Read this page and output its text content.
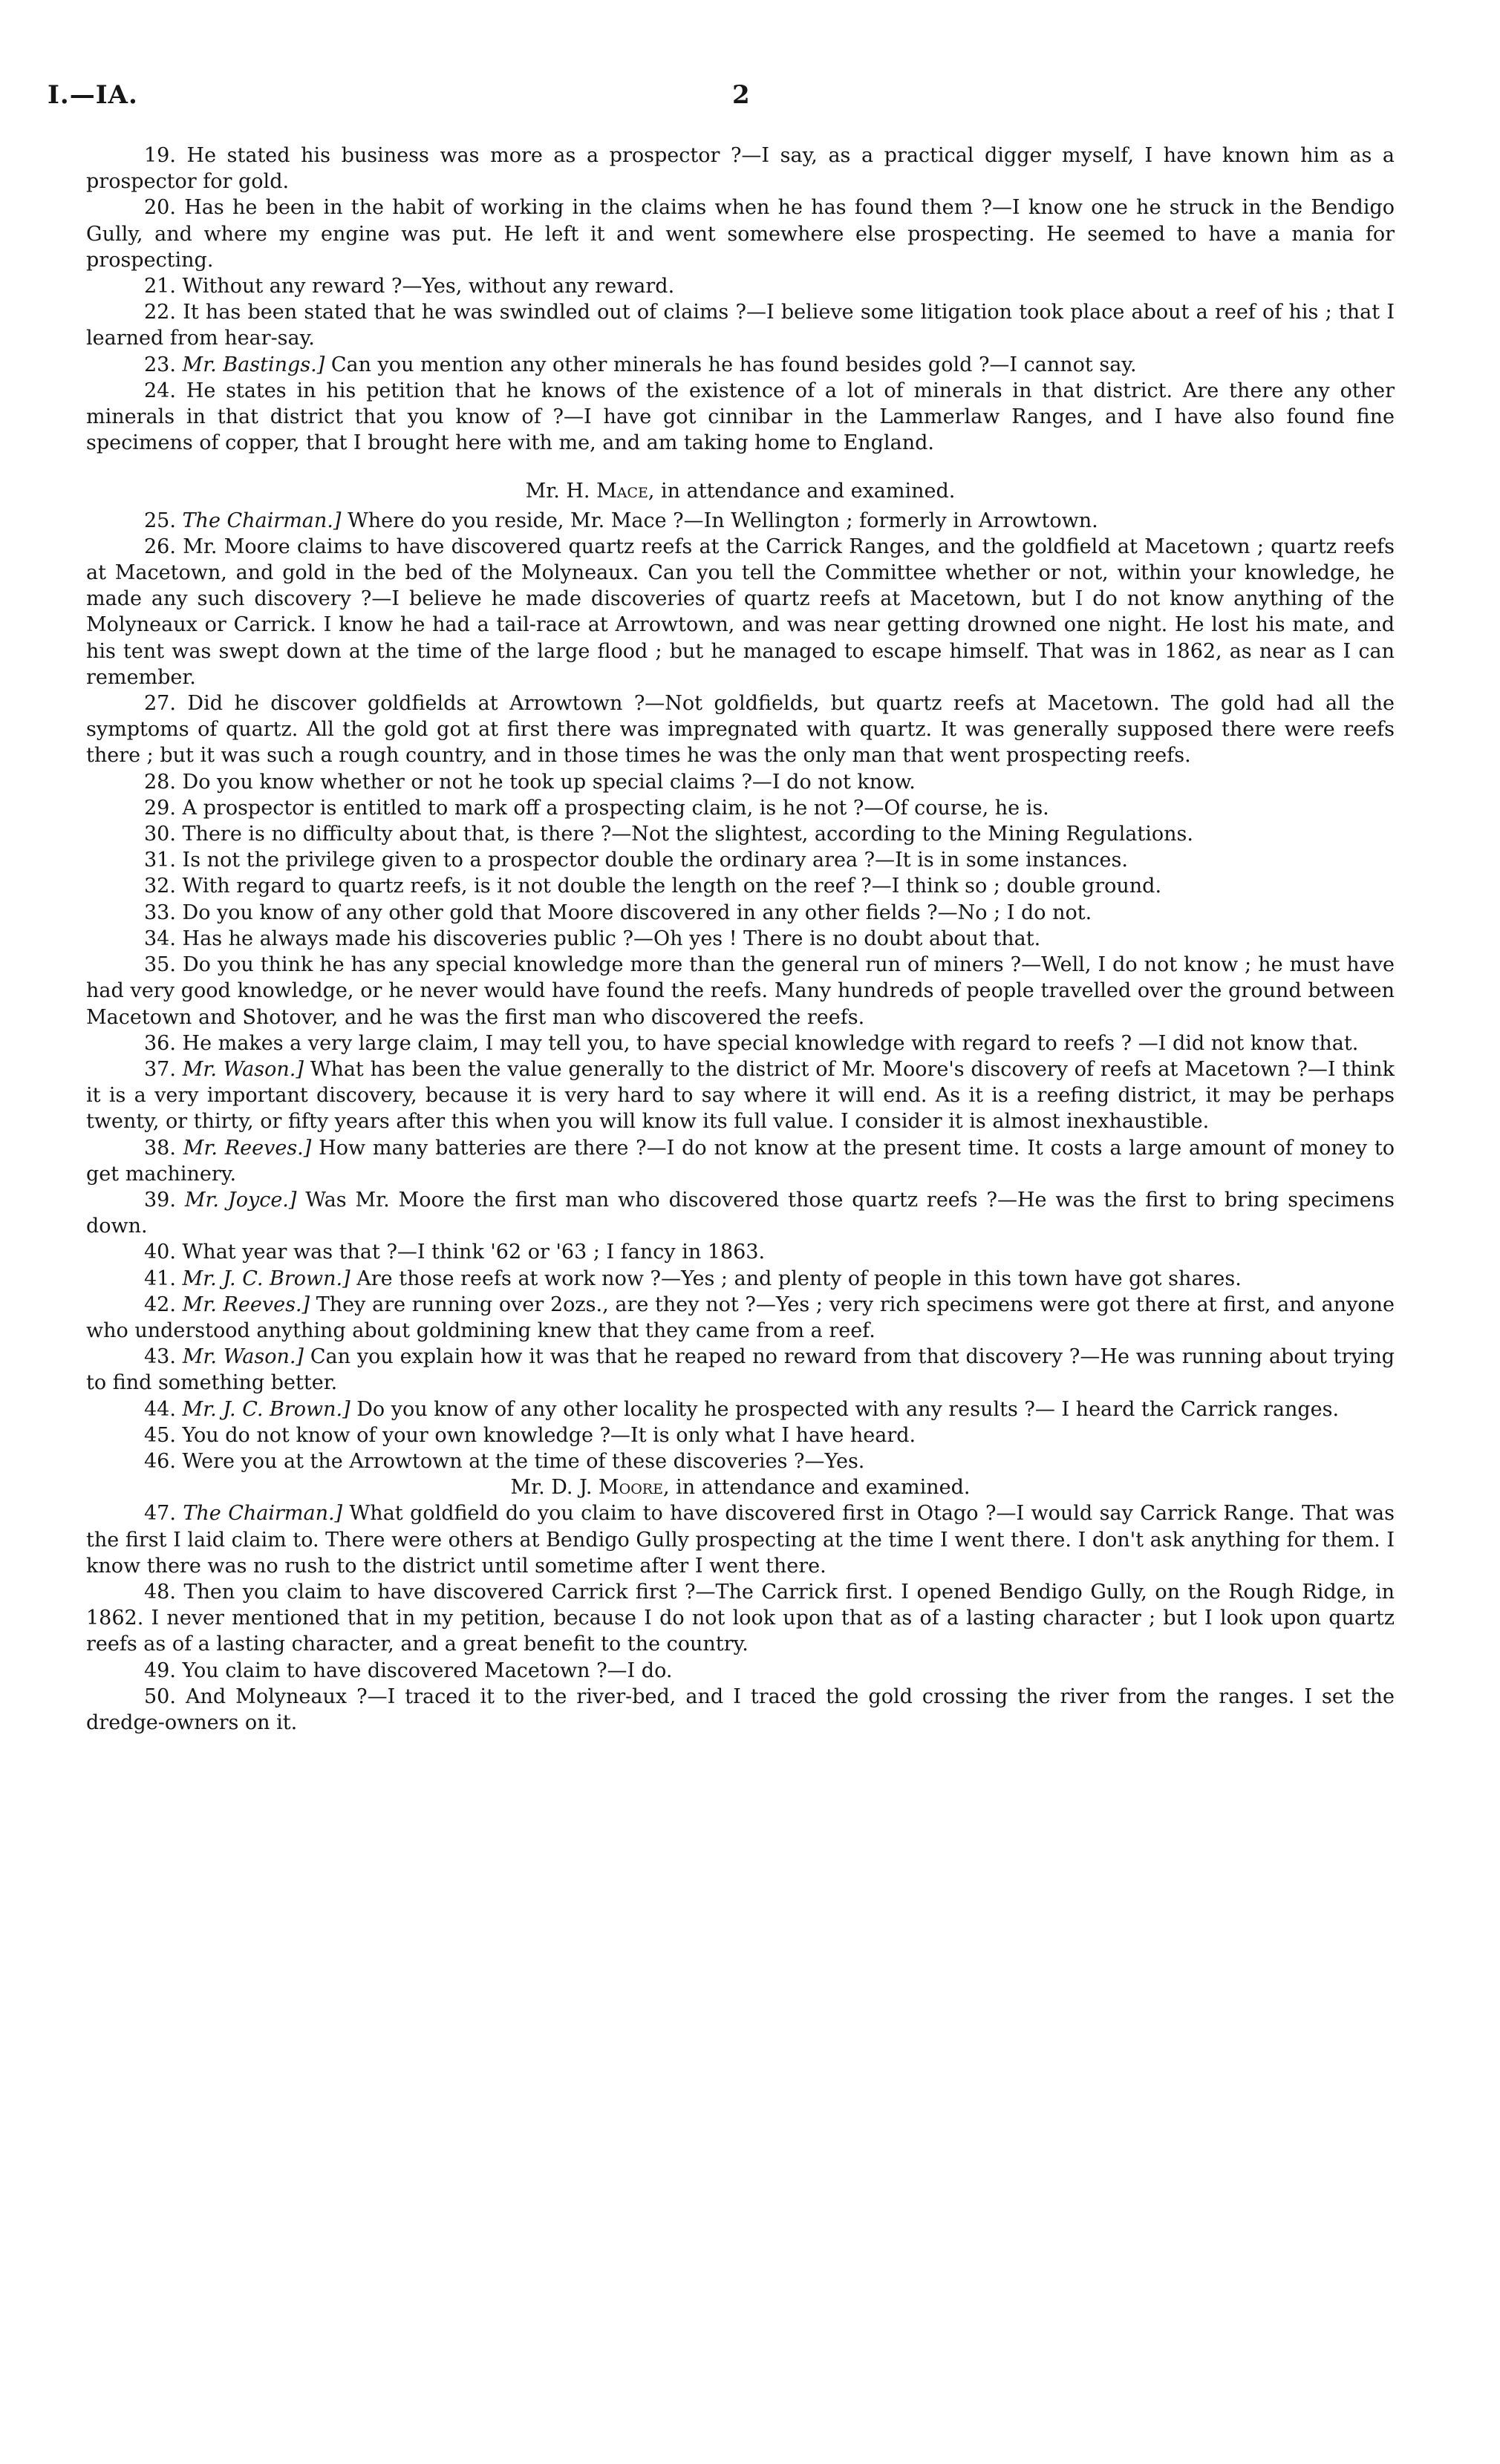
I.—IA.	2

19. He stated his business was more as a prospector ?—I say, as a practical digger myself, I have known him as a prospector for gold.

20. Has he been in the habit of working in the claims when he has found them ?—I know one he struck in the Bendigo Gully, and where my engine was put. He left it and went somewhere else prospecting. He seemed to have a mania for prospecting.

21. Without any reward ?—Yes, without any reward.

22. It has been stated that he was swindled out of claims ?—I believe some litigation took place about a reef of his ; that I learned from hear-say.

23. Mr. Bastings.] Can you mention any other minerals he has found besides gold ?—I cannot say.

24. He states in his petition that he knows of the existence of a lot of minerals in that district. Are there any other minerals in that district that you know of ?—I have got cinnibar in the Lammerlaw Ranges, and I have also found fine specimens of copper, that I brought here with me, and am taking home to England.

Mr. H. Mace, in attendance and examined.

25. The Chairman.] Where do you reside, Mr. Mace ?—In Wellington ; formerly in Arrowtown.

26. Mr. Moore claims to have discovered quartz reefs at the Carrick Ranges, and the goldfield at Macetown ; quartz reefs at Macetown, and gold in the bed of the Molyneaux. Can you tell the Committee whether or not, within your knowledge, he made any such discovery ?—I believe he made discoveries of quartz reefs at Macetown, but I do not know anything of the Molyneaux or Carrick. I know he had a tail-race at Arrowtown, and was near getting drowned one night. He lost his mate, and his tent was swept down at the time of the large flood ; but he managed to escape himself. That was in 1862, as near as I can remember.

27. Did he discover goldfields at Arrowtown ?—Not goldfields, but quartz reefs at Macetown. The gold had all the symptoms of quartz. All the gold got at first there was impregnated with quartz. It was generally supposed there were reefs there ; but it was such a rough country, and in those times he was the only man that went prospecting reefs.

28. Do you know whether or not he took up special claims ?—I do not know.

29. A prospector is entitled to mark off a prospecting claim, is he not ?—Of course, he is.

30. There is no difficulty about that, is there ?—Not the slightest, according to the Mining Regulations.

31. Is not the privilege given to a prospector double the ordinary area ?—It is in some instances.

32. With regard to quartz reefs, is it not double the length on the reef ?—I think so ; double ground.

33. Do you know of any other gold that Moore discovered in any other fields ?—No ; I do not.

34. Has he always made his discoveries public ?—Oh yes ! There is no doubt about that.

35. Do you think he has any special knowledge more than the general run of miners ?—Well, I do not know ; he must have had very good knowledge, or he never would have found the reefs. Many hundreds of people travelled over the ground between Macetown and Shotover, and he was the first man who discovered the reefs.

36. He makes a very large claim, I may tell you, to have special knowledge with regard to reefs ? —I did not know that.

37. Mr. Wason.] What has been the value generally to the district of Mr. Moore's discovery of reefs at Macetown ?—I think it is a very important discovery, because it is very hard to say where it will end. As it is a reefing district, it may be perhaps twenty, or thirty, or fifty years after this when you will know its full value. I consider it is almost inexhaustible.

38. Mr. Reeves.] How many batteries are there ?—I do not know at the present time. It costs a large amount of money to get machinery.

39. Mr. Joyce.] Was Mr. Moore the first man who discovered those quartz reefs ?—He was the first to bring specimens down.

40. What year was that ?—I think '62 or '63 ; I fancy in 1863.

41. Mr. J. C. Brown.] Are those reefs at work now ?—Yes ; and plenty of people in this town have got shares.

42. Mr. Reeves.] They are running over 2ozs., are they not ?—Yes ; very rich specimens were got there at first, and anyone who understood anything about goldmining knew that they came from a reef.

43. Mr. Wason.] Can you explain how it was that he reaped no reward from that discovery ?—He was running about trying to find something better.

44. Mr. J. C. Brown.] Do you know of any other locality he prospected with any results ?— I heard the Carrick ranges.

45. You do not know of your own knowledge ?—It is only what I have heard.

46. Were you at the Arrowtown at the time of these discoveries ?—Yes.

Mr. D. J. Moore, in attendance and examined.

47. The Chairman.] What goldfield do you claim to have discovered first in Otago ?—I would say Carrick Range. That was the first I laid claim to. There were others at Bendigo Gully prospecting at the time I went there. I don't ask anything for them. I know there was no rush to the district until sometime after I went there.

48. Then you claim to have discovered Carrick first ?—The Carrick first. I opened Bendigo Gully, on the Rough Ridge, in 1862. I never mentioned that in my petition, because I do not look upon that as of a lasting character ; but I look upon quartz reefs as of a lasting character, and a great benefit to the country.

49. You claim to have discovered Macetown ?—I do.

50. And Molyneaux ?—I traced it to the river-bed, and I traced the gold crossing the river from the ranges. I set the dredge-owners on it.
